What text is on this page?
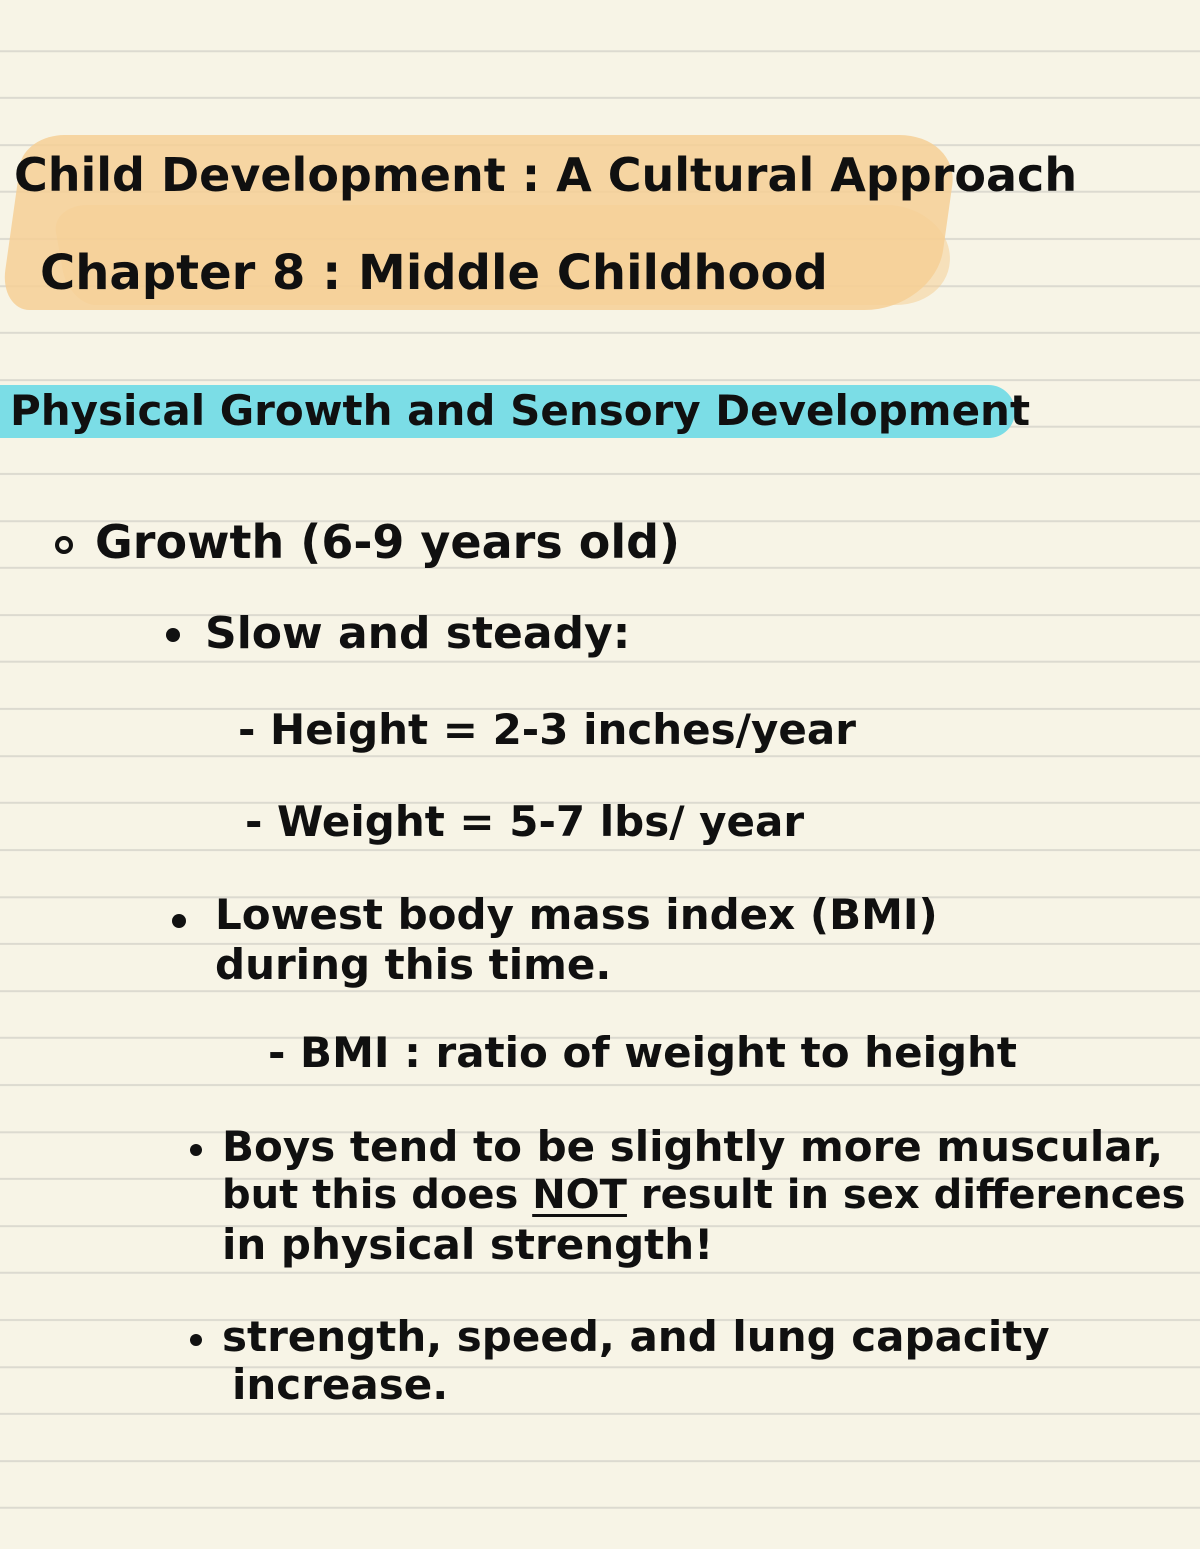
Child Development : A Cultural Approach
Chapter 8 : Middle Childhood
Physical Growth and Sensory Development
Growth (6-9 years old)
Slow and steady:
- Height = 2-3 inches/year
- Weight = 5-7 lbs/ year
Lowest body mass index (BMI)
during this time.
- BMI : ratio of weight to height
Boys tend to be slightly more muscular,
but this does NOT result in sex differences
in physical strength!
strength, speed, and lung capacity
increase.
